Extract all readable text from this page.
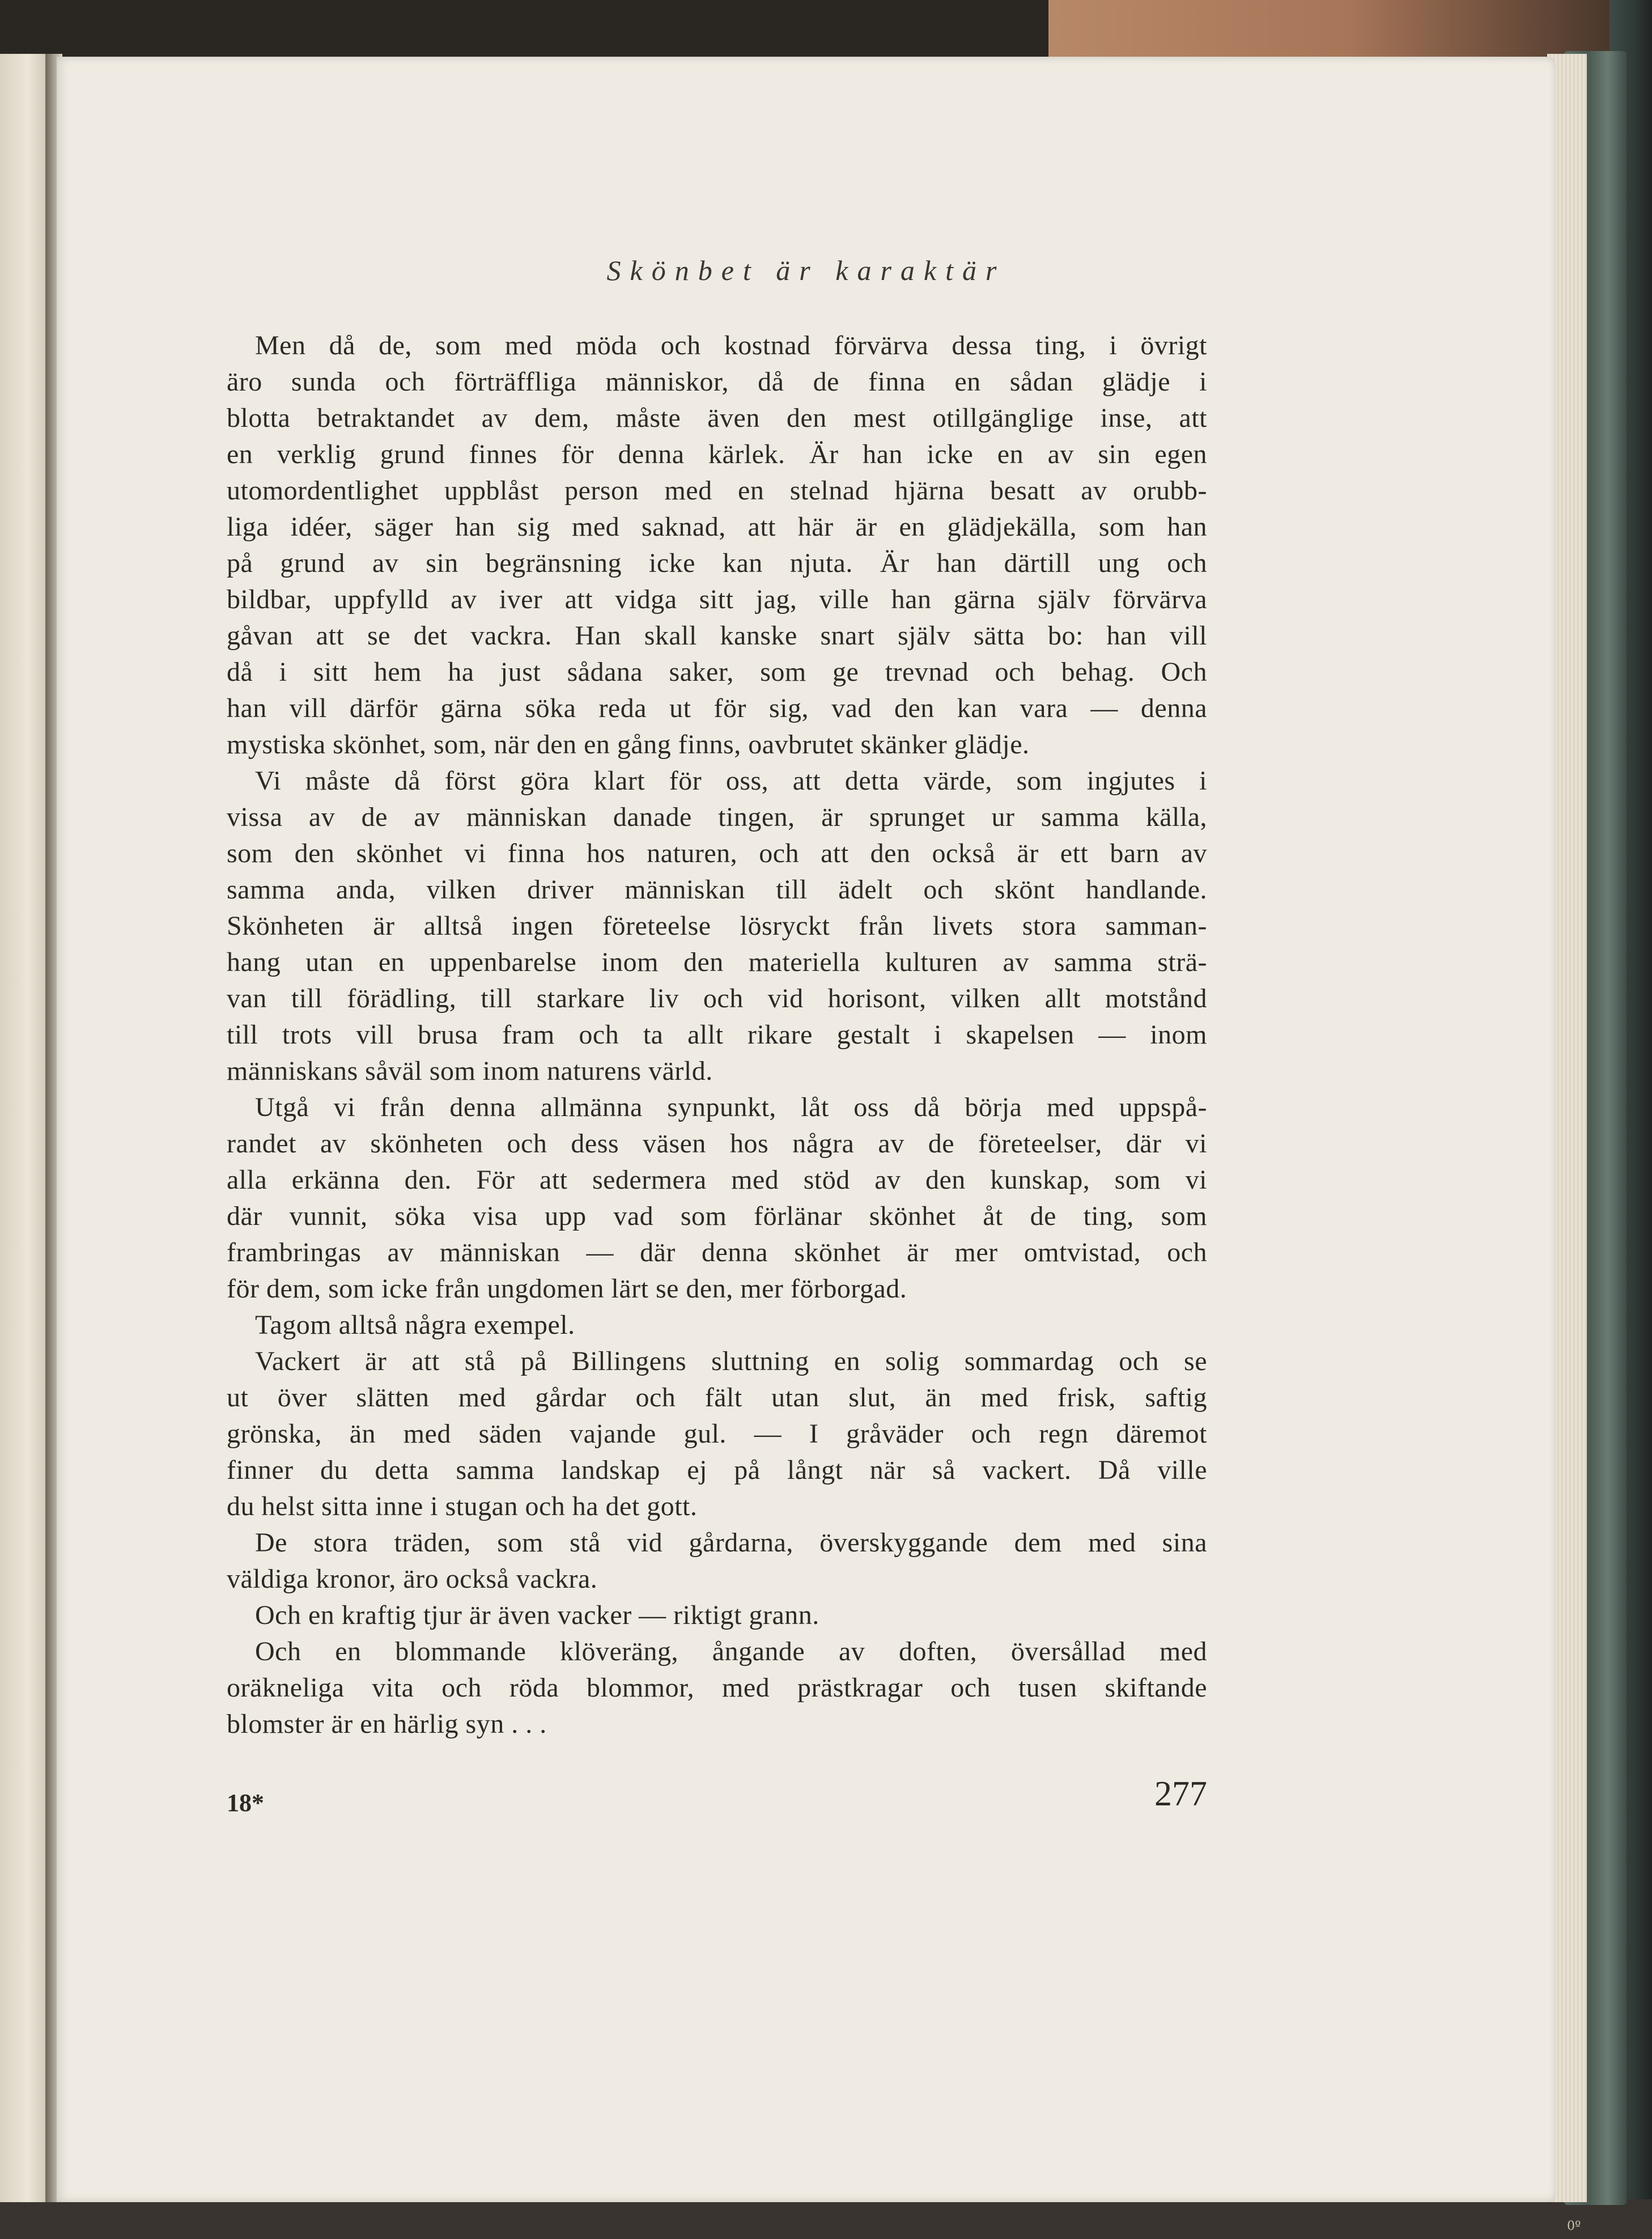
Skönbet är karaktär
Men då de, som med möda och kostnad förvärva dessa ting, i övrigt
äro sunda och förträffliga människor, då de finna en sådan glädje i
blotta betraktandet av dem, måste även den mest otillgänglige inse, att
en verklig grund finnes för denna kärlek. Är han icke en av sin egen
utomordentlighet uppblåst person med en stelnad hjärna besatt av orubb-
liga idéer, säger han sig med saknad, att här är en glädjekälla, som han
på grund av sin begränsning icke kan njuta. Är han därtill ung och
bildbar, uppfylld av iver att vidga sitt jag, ville han gärna själv förvärva
gåvan att se det vackra. Han skall kanske snart själv sätta bo: han vill
då i sitt hem ha just sådana saker, som ge trevnad och behag. Och
han vill därför gärna söka reda ut för sig, vad den kan vara — denna
mystiska skönhet, som, när den en gång finns, oavbrutet skänker glädje.
Vi måste då först göra klart för oss, att detta värde, som ingjutes i
vissa av de av människan danade tingen, är sprunget ur samma källa,
som den skönhet vi finna hos naturen, och att den också är ett barn av
samma anda, vilken driver människan till ädelt och skönt handlande.
Skönheten är alltså ingen företeelse lösryckt från livets stora samman-
hang utan en uppenbarelse inom den materiella kulturen av samma strä-
van till förädling, till starkare liv och vid horisont, vilken allt motstånd
till trots vill brusa fram och ta allt rikare gestalt i skapelsen — inom
människans såväl som inom naturens värld.
Utgå vi från denna allmänna synpunkt, låt oss då börja med uppspå-
randet av skönheten och dess väsen hos några av de företeelser, där vi
alla erkänna den. För att sedermera med stöd av den kunskap, som vi
där vunnit, söka visa upp vad som förlänar skönhet åt de ting, som
frambringas av människan — där denna skönhet är mer omtvistad, och
för dem, som icke från ungdomen lärt se den, mer förborgad.
Tagom alltså några exempel.
Vackert är att stå på Billingens sluttning en solig sommardag och se
ut över slätten med gårdar och fält utan slut, än med frisk, saftig
grönska, än med säden vajande gul. — I gråväder och regn däremot
finner du detta samma landskap ej på långt när så vackert. Då ville
du helst sitta inne i stugan och ha det gott.
De stora träden, som stå vid gårdarna, överskyggande dem med sina
väldiga kronor, äro också vackra.
Och en kraftig tjur är även vacker — riktigt grann.
Och en blommande klöveräng, ångande av doften, översållad med
oräkneliga vita och röda blommor, med prästkragar och tusen skiftande
blomster är en härlig syn . . .
18*	277
0º
